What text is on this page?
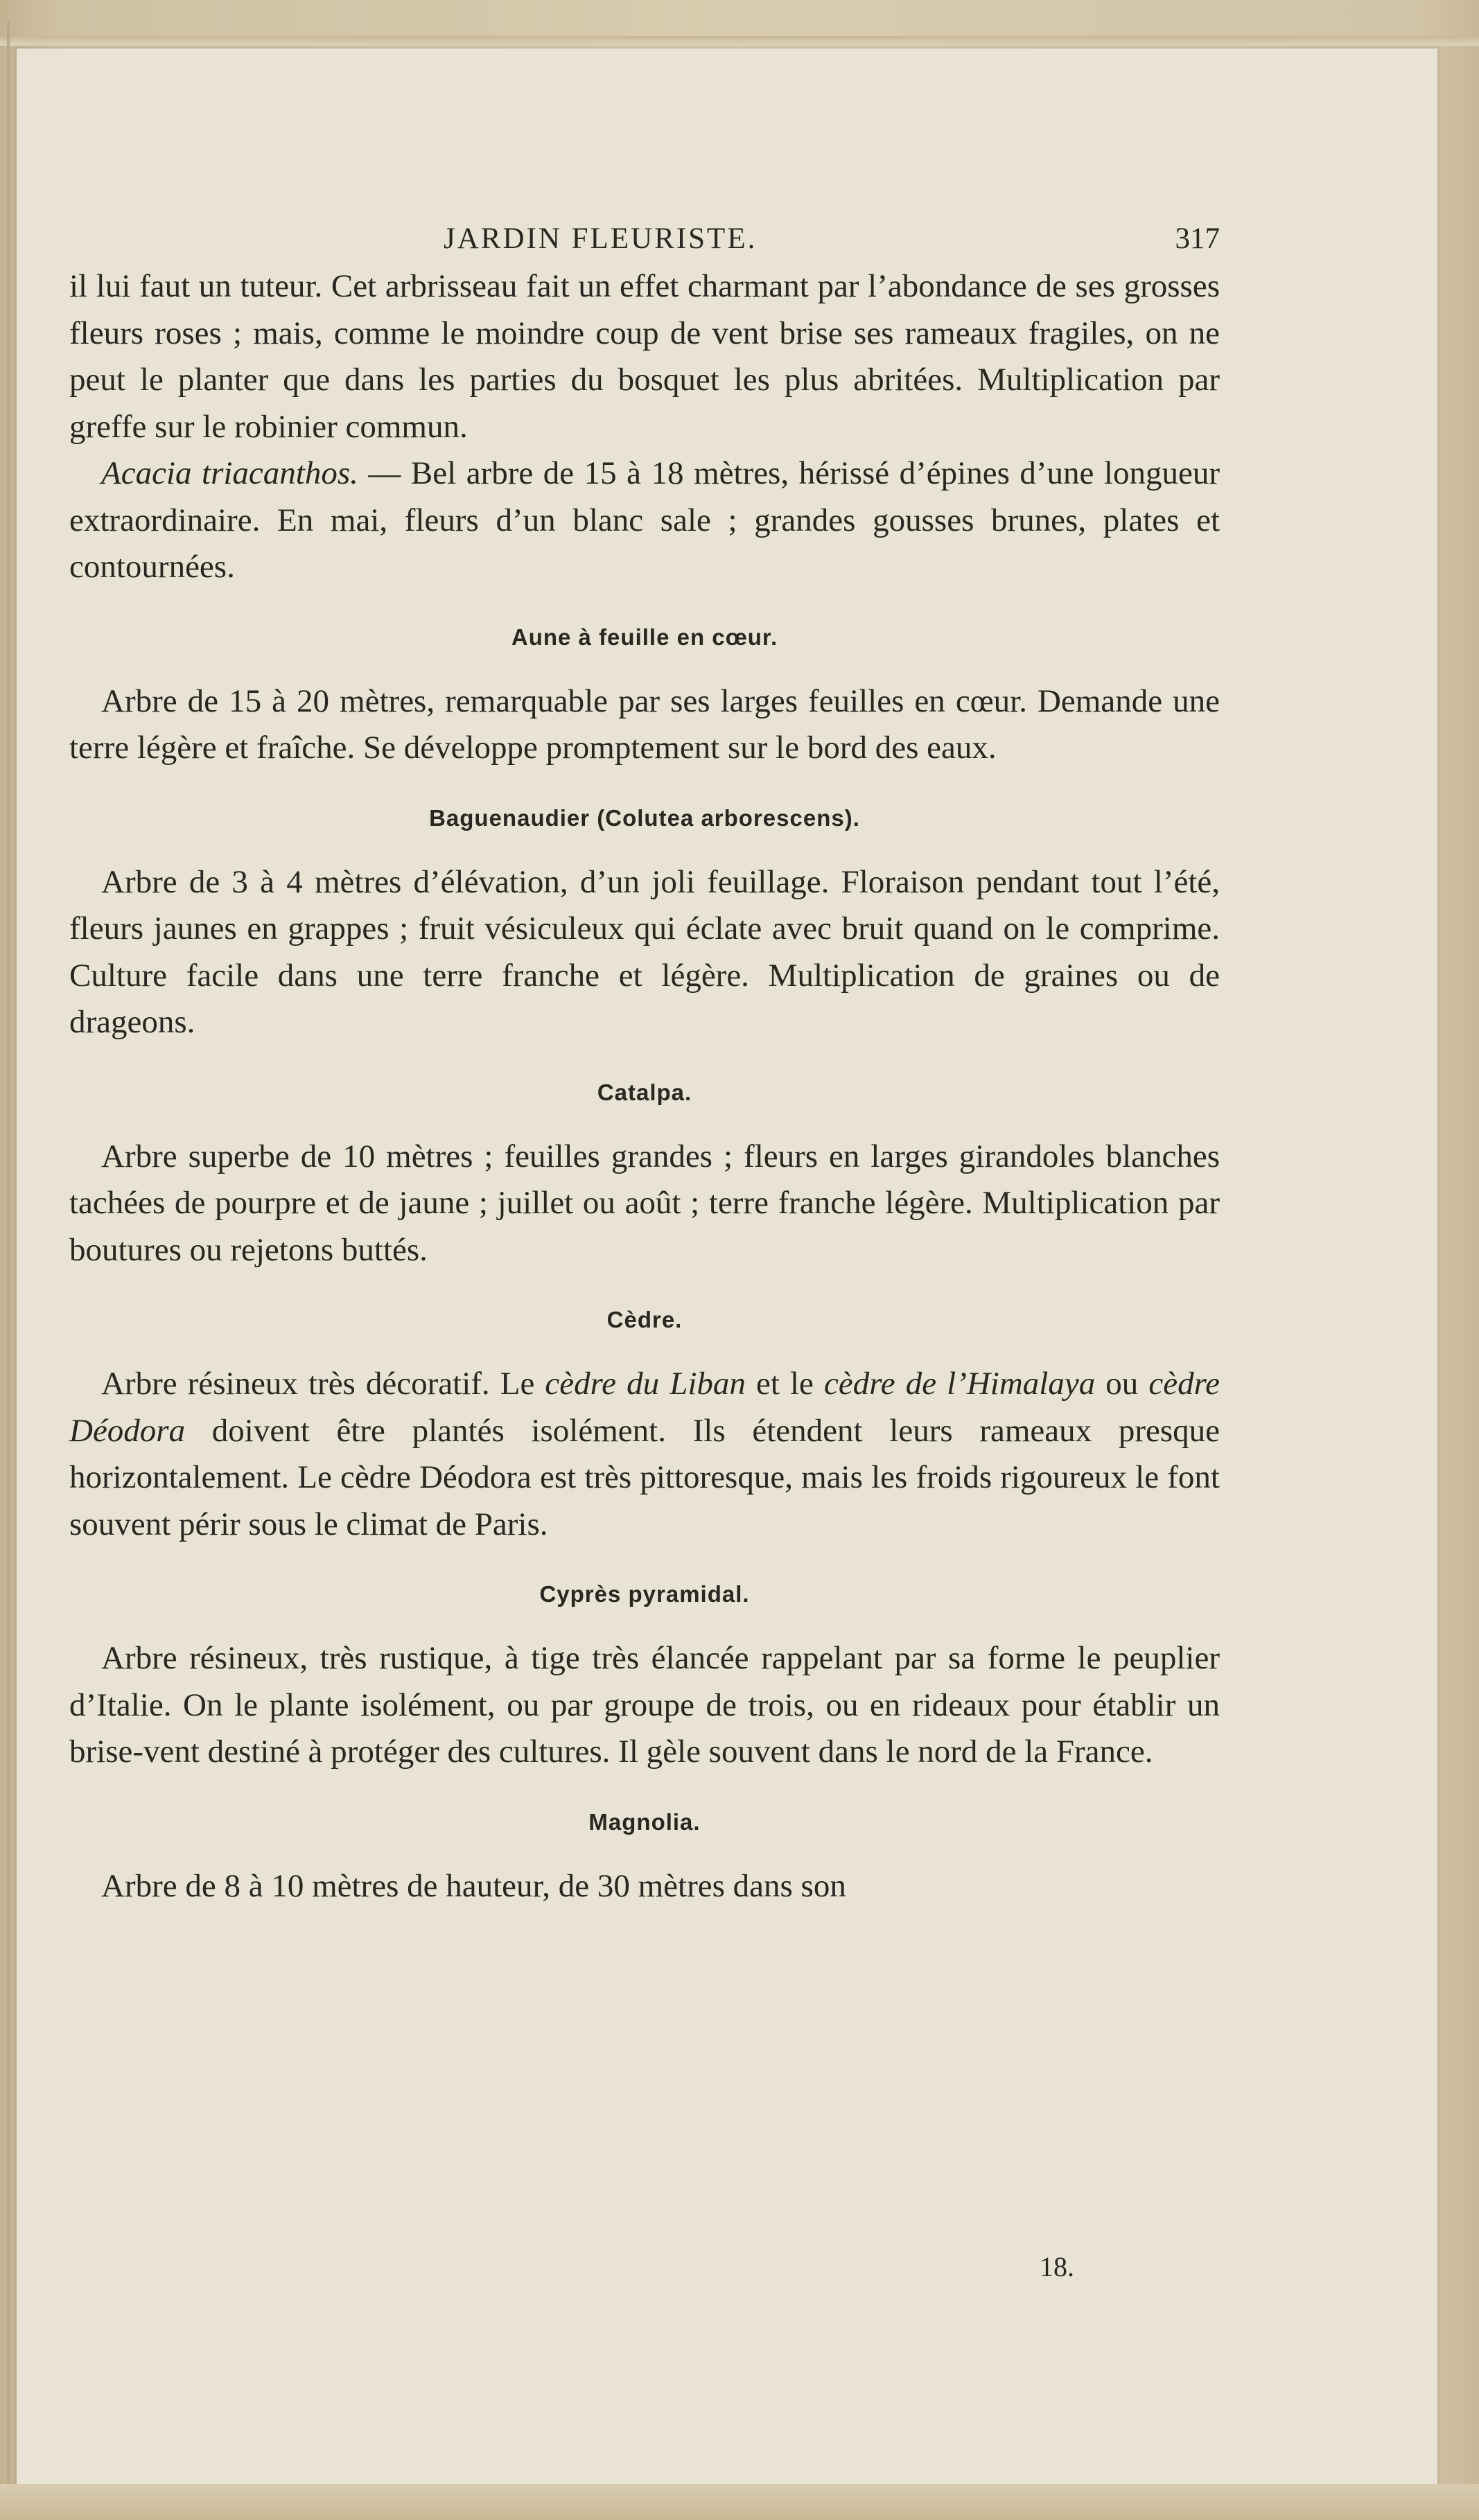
JARDIN FLEURISTE.	317

il lui faut un tuteur. Cet arbrisseau fait un effet charmant par l’abondance de ses grosses fleurs roses ; mais, comme le moindre coup de vent brise ses rameaux fragiles, on ne peut le planter que dans les parties du bosquet les plus abritées. Multiplication par greffe sur le robinier commun.

Acacia triacanthos. — Bel arbre de 15 à 18 mètres, hérissé d’épines d’une longueur extraordinaire. En mai, fleurs d’un blanc sale ; grandes gousses brunes, plates et contournées.

Aune à feuille en cœur.

Arbre de 15 à 20 mètres, remarquable par ses larges feuilles en cœur. Demande une terre légère et fraîche. Se développe promptement sur le bord des eaux.

Baguenaudier (Colutea arborescens).

Arbre de 3 à 4 mètres d’élévation, d’un joli feuillage. Floraison pendant tout l’été, fleurs jaunes en grappes ; fruit vésiculeux qui éclate avec bruit quand on le comprime. Culture facile dans une terre franche et légère. Multiplication de graines ou de drageons.

Catalpa.

Arbre superbe de 10 mètres ; feuilles grandes ; fleurs en larges girandoles blanches tachées de pourpre et de jaune ; juillet ou août ; terre franche légère. Multiplication par boutures ou rejetons buttés.

Cèdre.

Arbre résineux très décoratif. Le cèdre du Liban et le cèdre de l’Himalaya ou cèdre Déodora doivent être plantés isolément. Ils étendent leurs rameaux presque horizontalement. Le cèdre Déodora est très pittoresque, mais les froids rigoureux le font souvent périr sous le climat de Paris.

Cyprès pyramidal.

Arbre résineux, très rustique, à tige très élancée rappelant par sa forme le peuplier d’Italie. On le plante isolément, ou par groupe de trois, ou en rideaux pour établir un brise-vent destiné à protéger des cultures. Il gèle souvent dans le nord de la France.

Magnolia.

Arbre de 8 à 10 mètres de hauteur, de 30 mètres dans son

18.
